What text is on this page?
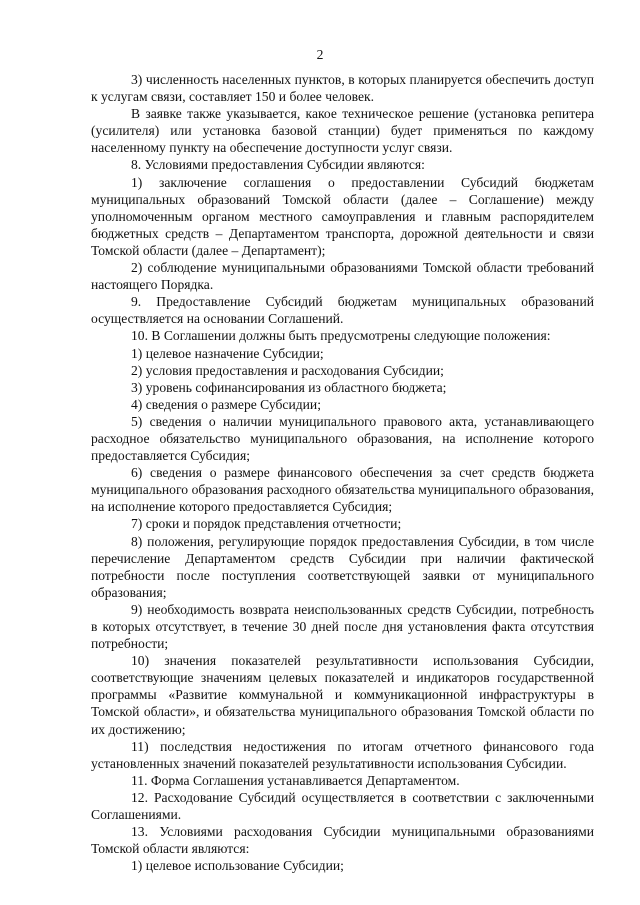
2

3) численность населенных пунктов, в которых планируется обеспечить доступ к услугам связи, составляет 150 и более человек.

В заявке также указывается, какое техническое решение (установка репитера (усилителя) или установка базовой станции) будет применяться по каждому населенному пункту на обеспечение доступности услуг связи.

8. Условиями предоставления Субсидии являются:

1) заключение соглашения о предоставлении Субсидий бюджетам муниципальных образований Томской области (далее – Соглашение) между уполномоченным органом местного самоуправления и главным распорядителем бюджетных средств – Департаментом транспорта, дорожной деятельности и связи Томской области (далее – Департамент);

2) соблюдение муниципальными образованиями Томской области требований настоящего Порядка.

9. Предоставление Субсидий бюджетам муниципальных образований осуществляется на основании Соглашений.

10. В Соглашении должны быть предусмотрены следующие положения:

1) целевое назначение Субсидии;

2) условия предоставления и расходования Субсидии;

3) уровень софинансирования из областного бюджета;

4) сведения о размере Субсидии;

5) сведения о наличии муниципального правового акта, устанавливающего расходное обязательство муниципального образования, на исполнение которого предоставляется Субсидия;

6) сведения о размере финансового обеспечения за счет средств бюджета муниципального образования расходного обязательства муниципального образования, на исполнение которого предоставляется Субсидия;

7) сроки и порядок представления отчетности;

8) положения, регулирующие порядок предоставления Субсидии, в том числе перечисление Департаментом средств Субсидии при наличии фактической потребности после поступления соответствующей заявки от муниципального образования;

9) необходимость возврата неиспользованных средств Субсидии, потребность в которых отсутствует, в течение 30 дней после дня установления факта отсутствия потребности;

10) значения показателей результативности использования Субсидии, соответствующие значениям целевых показателей и индикаторов государственной программы «Развитие коммунальной и коммуникационной инфраструктуры в Томской области», и обязательства муниципального образования Томской области по их достижению;

11) последствия недостижения по итогам отчетного финансового года установленных значений показателей результативности использования Субсидии.

11. Форма Соглашения устанавливается Департаментом.

12. Расходование Субсидий осуществляется в соответствии с заключенными Соглашениями.

13. Условиями расходования Субсидии муниципальными образованиями Томской области являются:

1) целевое использование Субсидии;
